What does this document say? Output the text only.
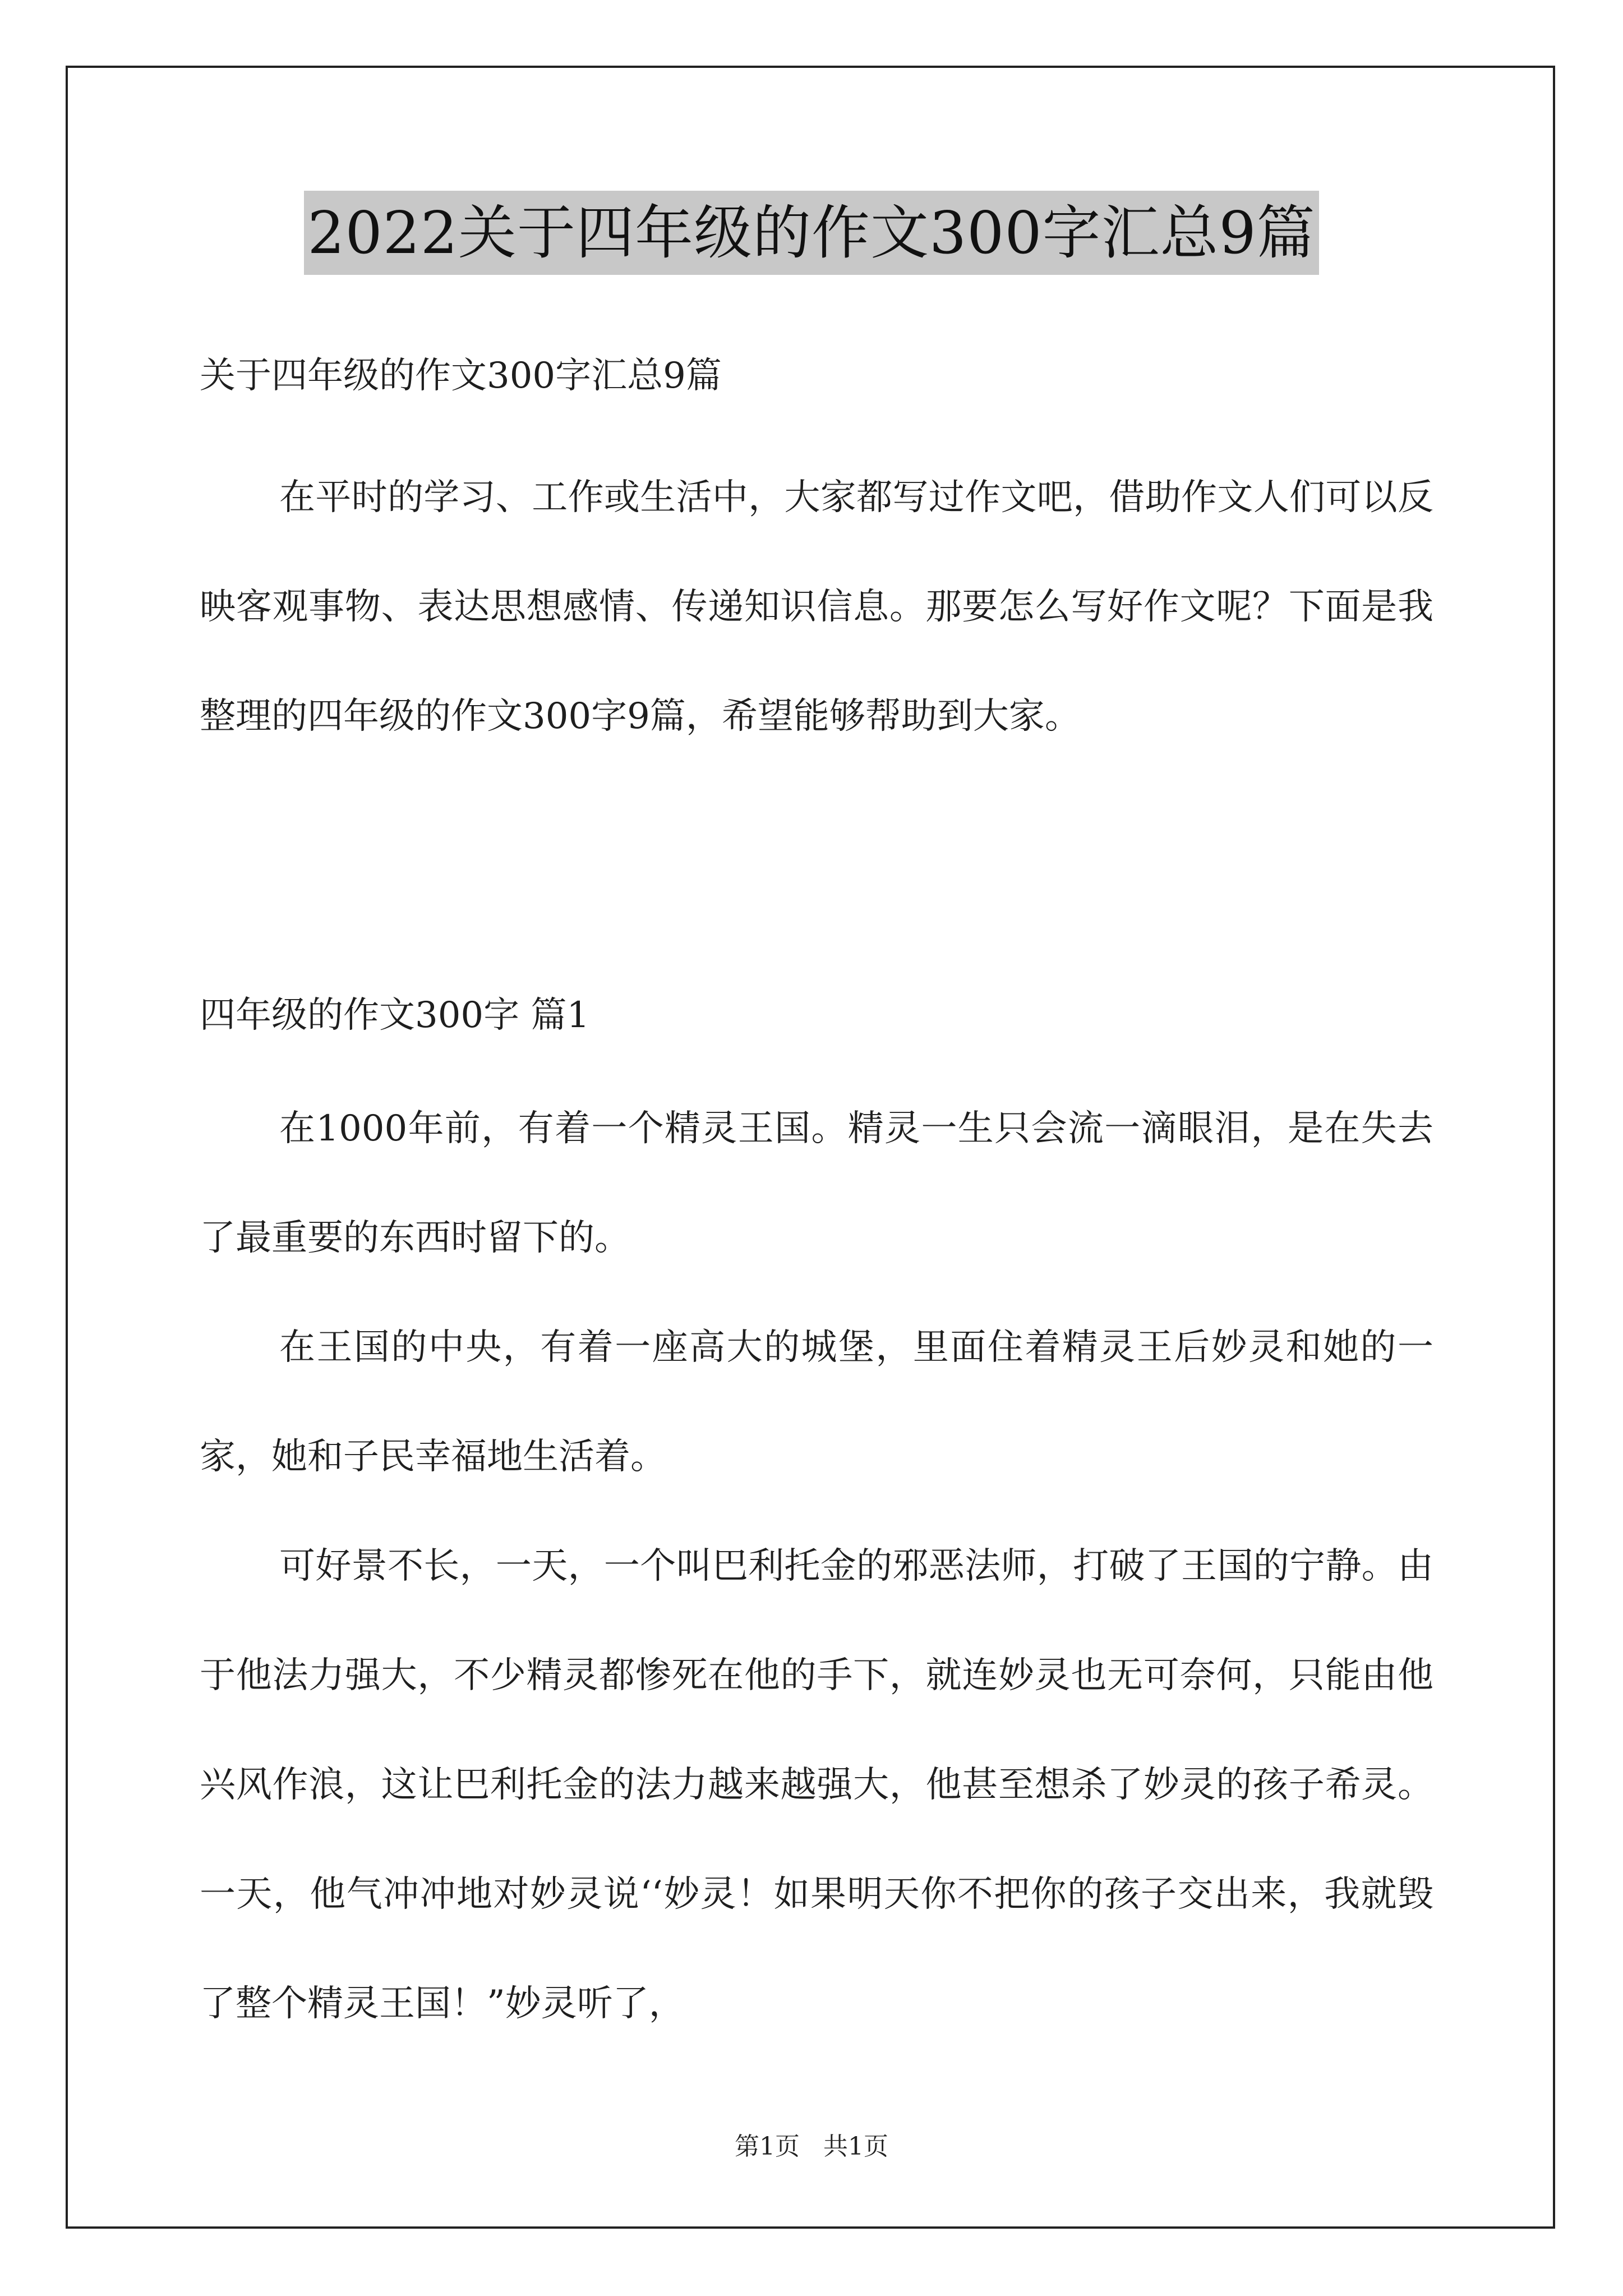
2022关于四年级的作文300字汇总9篇
关于四年级的作文300字汇总9篇
在平时的学习、工作或生活中，大家都写过作文吧，借助作文人们可以反映客观事物、表达思想感情、传递知识信息。那要怎么写好作文呢？下面是我整理的四年级的作文300字9篇，希望能够帮助到大家。
四年级的作文300字 篇1
在1000年前，有着一个精灵王国。精灵一生只会流一滴眼泪，是在失去了最重要的东西时留下的。
在王国的中央，有着一座高大的城堡，里面住着精灵王后妙灵和她的一家，她和子民幸福地生活着。
可好景不长，一天，一个叫巴利托金的邪恶法师，打破了王国的宁静。由于他法力强大，不少精灵都惨死在他的手下，就连妙灵也无可奈何，只能由他兴风作浪，这让巴利托金的法力越来越强大，他甚至想杀了妙灵的孩子希灵。一天，他气冲冲地对妙灵说‘‘妙灵！如果明天你不把你的孩子交出来，我就毁了整个精灵王国！”妙灵听了，
第1页 共1页
